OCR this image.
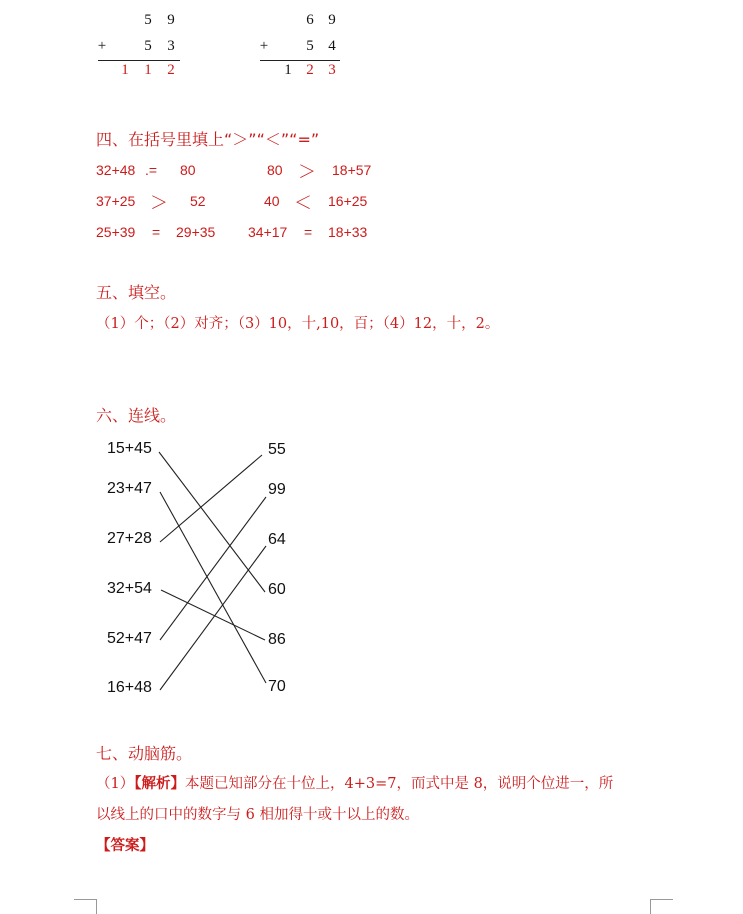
5 9
+	5 3
1 1 2
6 9
+	5 4
1 2 3
四、在括号里填上“＞”“＜”“=”
32+48 .= 80	80 ＞ 18+57
37+25 ＞ 52	40 ＜ 16+25
25+39 = 29+35 34+17 = 18+33
五、填空。
（1）个；（2）对齐；（3）10，十,10，百；（4）12，十，2。
六、连线。
15+45
23+47
27+28
32+54
52+47
16+48
55
99
64
60
86
70
七、动脑筋。
（1）【解析】本题已知部分在十位上，4+3=7，而式中是 8，说明个位进一，所
以线上的口中的数字与 6 相加得十或十以上的数。
【答案】
